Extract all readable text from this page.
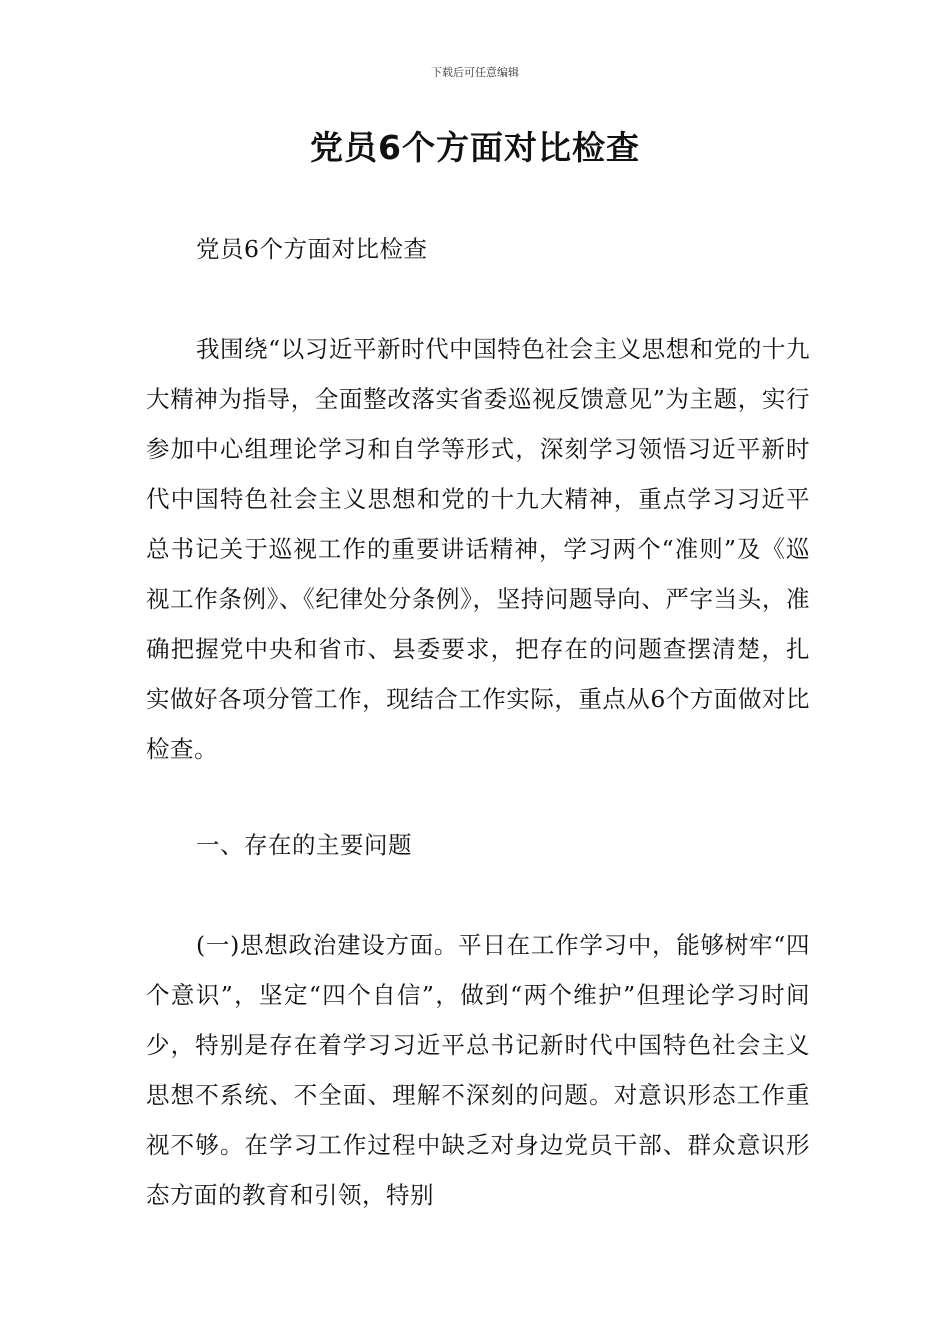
下载后可任意编辑
党员6个方面对比检查

党员6个方面对比检查

我围绕“以习近平新时代中国特色社会主义思想和党的十九大精神为指导，全面整改落实省委巡视反馈意见”为主题，实行参加中心组理论学习和自学等形式，深刻学习领悟习近平新时代中国特色社会主义思想和党的十九大精神，重点学习习近平总书记关于巡视工作的重要讲话精神，学习两个“准则”及《巡视工作条例》、《纪律处分条例》，坚持问题导向、严字当头，准确把握党中央和省市、县委要求，把存在的问题查摆清楚，扎实做好各项分管工作，现结合工作实际，重点从6个方面做对比检查。

一、存在的主要问题

(一)思想政治建设方面。平日在工作学习中，能够树牢“四个意识”，坚定“四个自信”，做到“两个维护”但理论学习时间少，特别是存在着学习习近平总书记新时代中国特色社会主义思想不系统、不全面、理解不深刻的问题。对意识形态工作重视不够。在学习工作过程中缺乏对身边党员干部、群众意识形态方面的教育和引领，特别
